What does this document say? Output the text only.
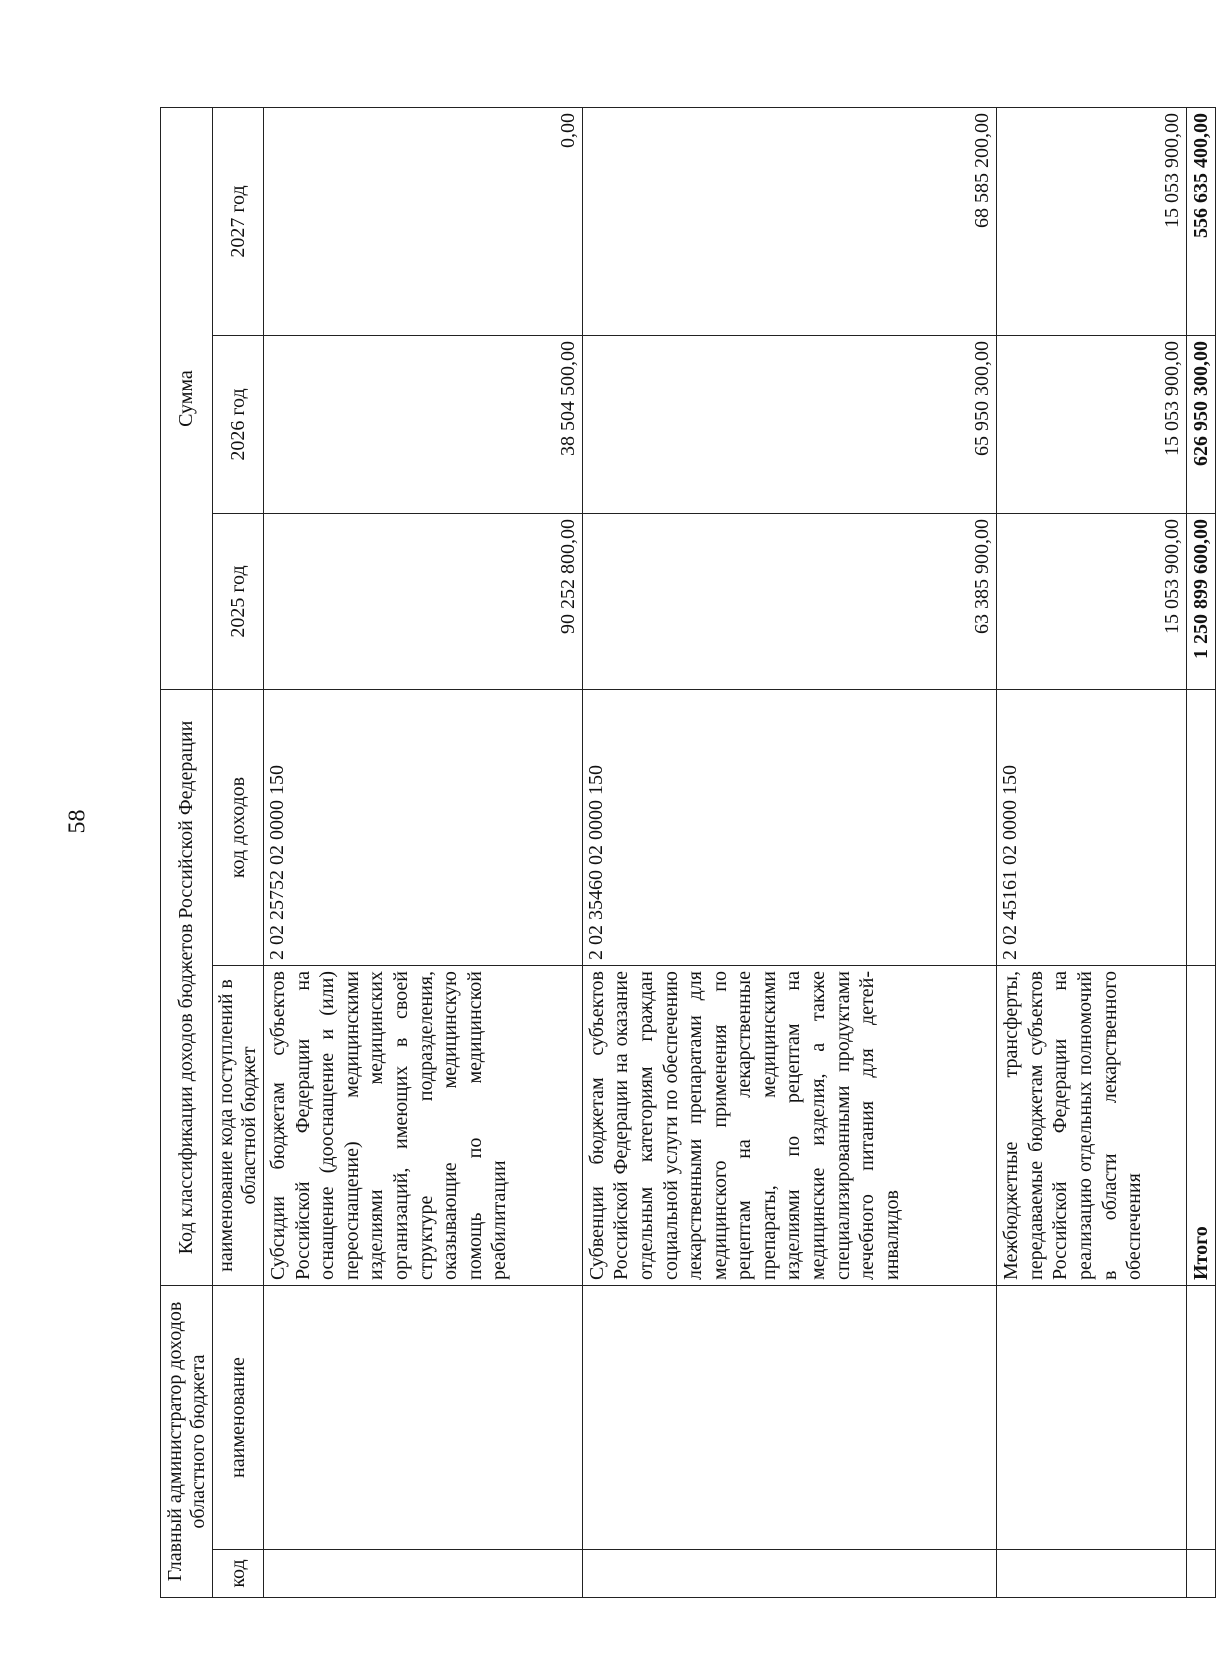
58
Главный администратор доходов областного бюджета		Код классификации доходов бюджетов Российской Федерации		Сумма		
код	наименование	наименование кода поступлений в областной бюджет	код доходов	2025 год	2026 год	2027 год
		Субсидии бюджетам субъектов Российской Федерации на оснащение (дооснащение и (или) переоснащение) медицинскими изделиями медицинских организаций, имеющих в своей структуре подразделения, оказывающие медицинскую помощь по медицинской реабилитации	2 02 25752 02 0000 150	90 252 800,00	38 504 500,00	0,00
		Субвенции бюджетам субъектов Российской Федерации на оказание отдельным категориям граждан социальной услуги по обеспечению лекарственными препаратами для медицинского применения по рецептам на лекарственные препараты, медицинскими изделиями по рецептам на медицинские изделия, а также специализированными продуктами лечебного питания для детей-инвалидов	2 02 35460 02 0000 150	63 385 900,00	65 950 300,00	68 585 200,00
		Межбюджетные трансферты, передаваемые бюджетам субъектов Российской Федерации на реализацию отдельных полномочий в области лекарственного обеспечения	2 02 45161 02 0000 150	15 053 900,00	15 053 900,00	15 053 900,00
		Итого		1 250 899 600,00	626 950 300,00	556 635 400,00
